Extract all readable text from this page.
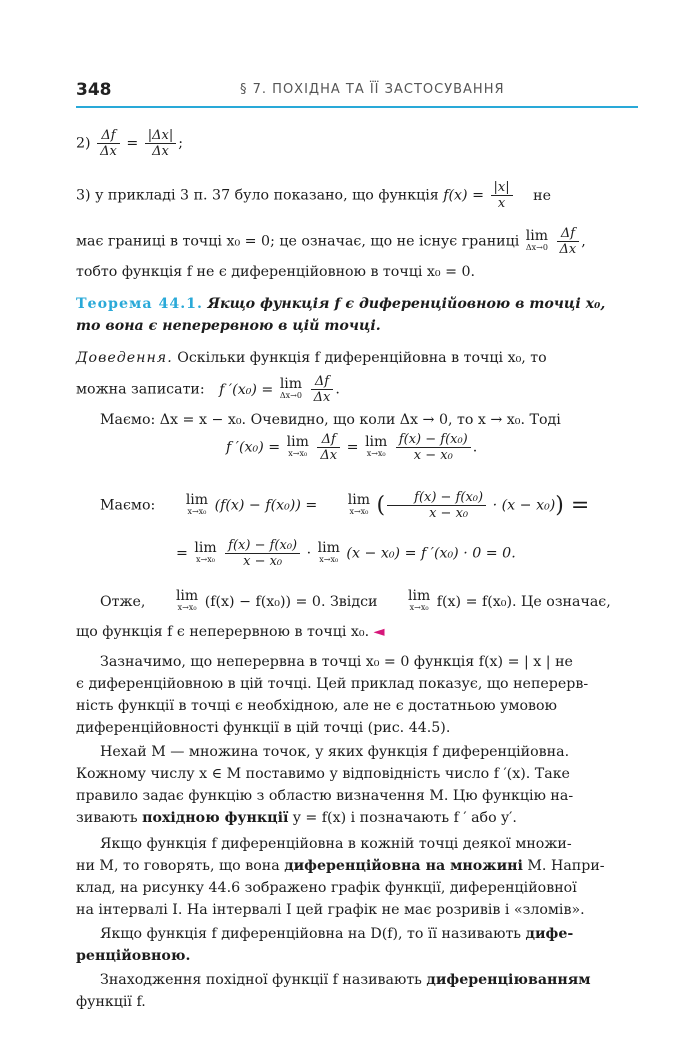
348	§ 7. ПОХІДНА ТА ЇЇ ЗАСТОСУВАННЯ
$2) \frac{\Delta f}{\Delta x} = \frac{|\Delta x|}{\Delta x}$ ;
3) у прикладі 3 п. 37 було показано, що функція $f(x) = \frac{|x|}{x}$ не
має границі в точці x₀ = 0; це означає, що не існує границі lim
Δx→0
$\frac{\Delta f}{\Delta x}$ ,
тобто функція f не є диференційовною в точці x₀ = 0.
Теорема 44.1. Якщо функція f є диференційовною в точці x₀,
то вона є неперервною в цій точці.
Доведення. Оскільки функція f диференційовна в точці x₀, то
можна записати: f ′(x₀) = lim
Δx→0
$\frac{\Delta f}{\Delta x}$ .
Маємо: Δx = x − x₀. Очевидно, що коли Δx → 0, то x → x₀. Тоді
f ′(x₀) = lim
x→x₀
$\frac{\Delta f}{\Delta x} = \lim$
x→x₀
$\frac{\text{f(x) − f(x₀)}}{\text{x − x₀}}$ .
Маємо:	lim
x→x₀ (f(x) − f(x₀)) =	lim
x→x₀ ( $\frac{\text{f(x) − f(x₀)}}{\text{x − x₀}} \cdot (x - x_0)$) =
= lim
x→x₀
$\frac{\text{f(x) − f(x₀)}}{\text{x − x₀}} \cdot \lim$
x→x₀ (x − x₀) = f ′(x₀) · 0 = 0.
Отже,	lim
x→x₀ (f(x) − f(x₀)) = 0. Звідси	lim
x→x₀ f(x) = f(x₀). Це означає,
що функція f є неперервною в точці x₀. ◄
Зазначимо, що неперервна в точці x₀ = 0 функція f(x) = | x | не
є диференційовною в цій точці. Цей приклад показує, що неперерв-
ність функції в точці є необхідною, але не є достатньою умовою
диференційовності функції в цій точці (рис. 44.5).
Нехай M — множина точок, у яких функція f диференційовна.
Кожному числу x ∈ M поставимо у відповідність число f ′(x). Таке
правило задає функцію з областю визначення M. Цю функцію на-
зивають похідною функції y = f(x) і позначають f ′ або y′.
Якщо функція f диференційовна в кожній точці деякої множи-
ни M, то говорять, що вона диференційовна на множині M. Напри-
клад, на рисунку 44.6 зображено графік функції, диференційовної
на інтервалі I. На інтервалі I цей графік не має розривів і «зломів».
Якщо функція f диференційовна на D(f), то її називають дифе-
ренційовною.
Знаходження похідної функції f називають диференціюванням
функції f.
